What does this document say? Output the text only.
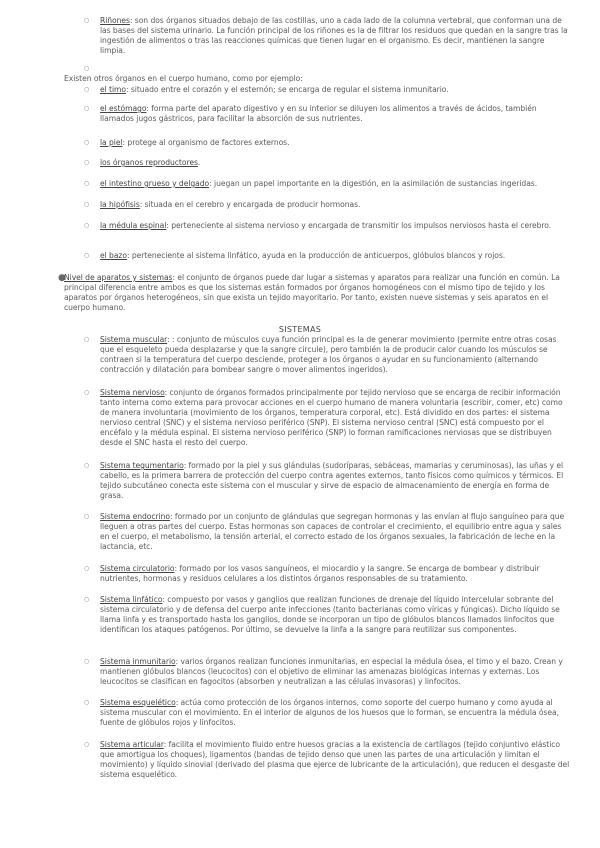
○ Riñones: son dos órganos situados debajo de las costillas, uno a cada lado de la columna vertebral, que conforman una de las bases del sistema urinario. La función principal de los riñones es la de filtrar los residuos que quedan en la sangre tras la ingestión de alimentos o tras las reacciones químicas que tienen lugar en el organismo. Es decir, mantienen la sangre limpia.

○

Existen otros órganos en el cuerpo humano, como por ejemplo:

○ el timo: situado entre el corazón y el esternón; se encarga de regular el sistema inmunitario.

○ el estómago: forma parte del aparato digestivo y en su interior se diluyen los alimentos a través de ácidos, también llamados jugos gástricos, para facilitar la absorción de sus nutrientes.

○ la piel: protege al organismo de factores externos.

○ los órganos reproductores.

○ el intestino grueso y delgado: juegan un papel importante en la digestión, en la asimilación de sustancias ingeridas.

○ la hipófisis: situada en el cerebro y encargada de producir hormonas.

○ la médula espinal: perteneciente al sistema nervioso y encargada de transmitir los impulsos nerviosos hasta el cerebro.

○ el bazo: perteneciente al sistema linfático, ayuda en la producción de anticuerpos, glóbulos blancos y rojos.

●

Nivel de aparatos y sistemas: el conjunto de órganos puede dar lugar a sistemas y aparatos para realizar una función en común. La principal diferencia entre ambos es que los sistemas están formados por órganos homogéneos con el mismo tipo de tejido y los aparatos por órganos heterogéneos, sin que exista un tejido mayoritario. Por tanto, existen nueve sistemas y seis aparatos en el cuerpo humano.

SISTEMAS
○ Sistema muscular: : conjunto de músculos cuya función principal es la de generar movimiento (permite entre otras cosas que el esqueleto pueda desplazarse y que la sangre circule), pero también la de producir calor cuando los músculos se contraen si la temperatura del cuerpo desciende, proteger a los órganos o ayudar en su funcionamiento (alternando contracción y dilatación para bombear sangre o mover alimentos ingeridos).

○ Sistema nervioso: conjunto de órganos formados principalmente por tejido nervioso que se encarga de recibir información tanto interna como externa para provocar acciones en el cuerpo humano de manera voluntaria (escribir, comer, etc) como de manera involuntaria (movimiento de los órganos, temperatura corporal, etc). Está dividido en dos partes: el sistema nervioso central (SNC) y el sistema nervioso periférico (SNP). El sistema nervioso central (SNC) está compuesto por el encéfalo y la médula espinal. El sistema nervioso periférico (SNP) lo forman ramificaciones nerviosas que se distribuyen desde el SNC hasta el resto del cuerpo.

○ Sistema tegumentario: formado por la piel y sus glándulas (sudoríparas, sebáceas, mamarias y ceruminosas), las uñas y el cabello, es la primera barrera de protección del cuerpo contra agentes externos, tanto físicos como químicos y térmicos. El tejido subcutáneo conecta este sistema con el muscular y sirve de espacio de almacenamiento de energía en forma de grasa.

○ Sistema endocrino: formado por un conjunto de glándulas que segregan hormonas y las envían al flujo sanguíneo para que lleguen a otras partes del cuerpo. Estas hormonas son capaces de controlar el crecimiento, el equilibrio entre agua y sales en el cuerpo, el metabolismo, la tensión arterial, el correcto estado de los órganos sexuales, la fabricación de leche en la lactancia, etc.

○ Sistema circulatorio: formado por los vasos sanguíneos, el miocardio y la sangre. Se encarga de bombear y distribuir nutrientes, hormonas y residuos celulares a los distintos órganos responsables de su tratamiento.

○ Sistema linfático: compuesto por vasos y ganglios que realizan funciones de drenaje del líquido intercelular sobrante del sistema circulatorio y de defensa del cuerpo ante infecciones (tanto bacterianas como víricas y fúngicas). Dicho líquido se llama linfa y es transportado hasta los ganglios, donde se incorporan un tipo de glóbulos blancos llamados linfocitos que identifican los ataques patógenos. Por último, se devuelve la linfa a la sangre para reutilizar sus componentes.

○ Sistema inmunitario: varios órganos realizan funciones inmunitarias, en especial la médula ósea, el timo y el bazo. Crean y mantienen glóbulos blancos (leucocitos) con el objetivo de eliminar las amenazas biológicas internas y externas. Los leucocitos se clasifican en fagocitos (absorben y neutralizan a las células invasoras) y linfocitos.

○ Sistema esquelético: actúa como protección de los órganos internos, como soporte del cuerpo humano y como ayuda al sistema muscular con el movimiento. En el interior de algunos de los huesos que lo forman, se encuentra la médula ósea, fuente de glóbulos rojos y linfocitos.

○ Sistema articular: facilita el movimiento fluido entre huesos gracias a la existencia de cartílagos (tejido conjuntivo elástico que amortigua los choques), ligamentos (bandas de tejido denso que unen las partes de una articulación y limitan el movimiento) y líquido sinovial (derivado del plasma que ejerce de lubricante de la articulación), que reducen el desgaste del sistema esquelético.
